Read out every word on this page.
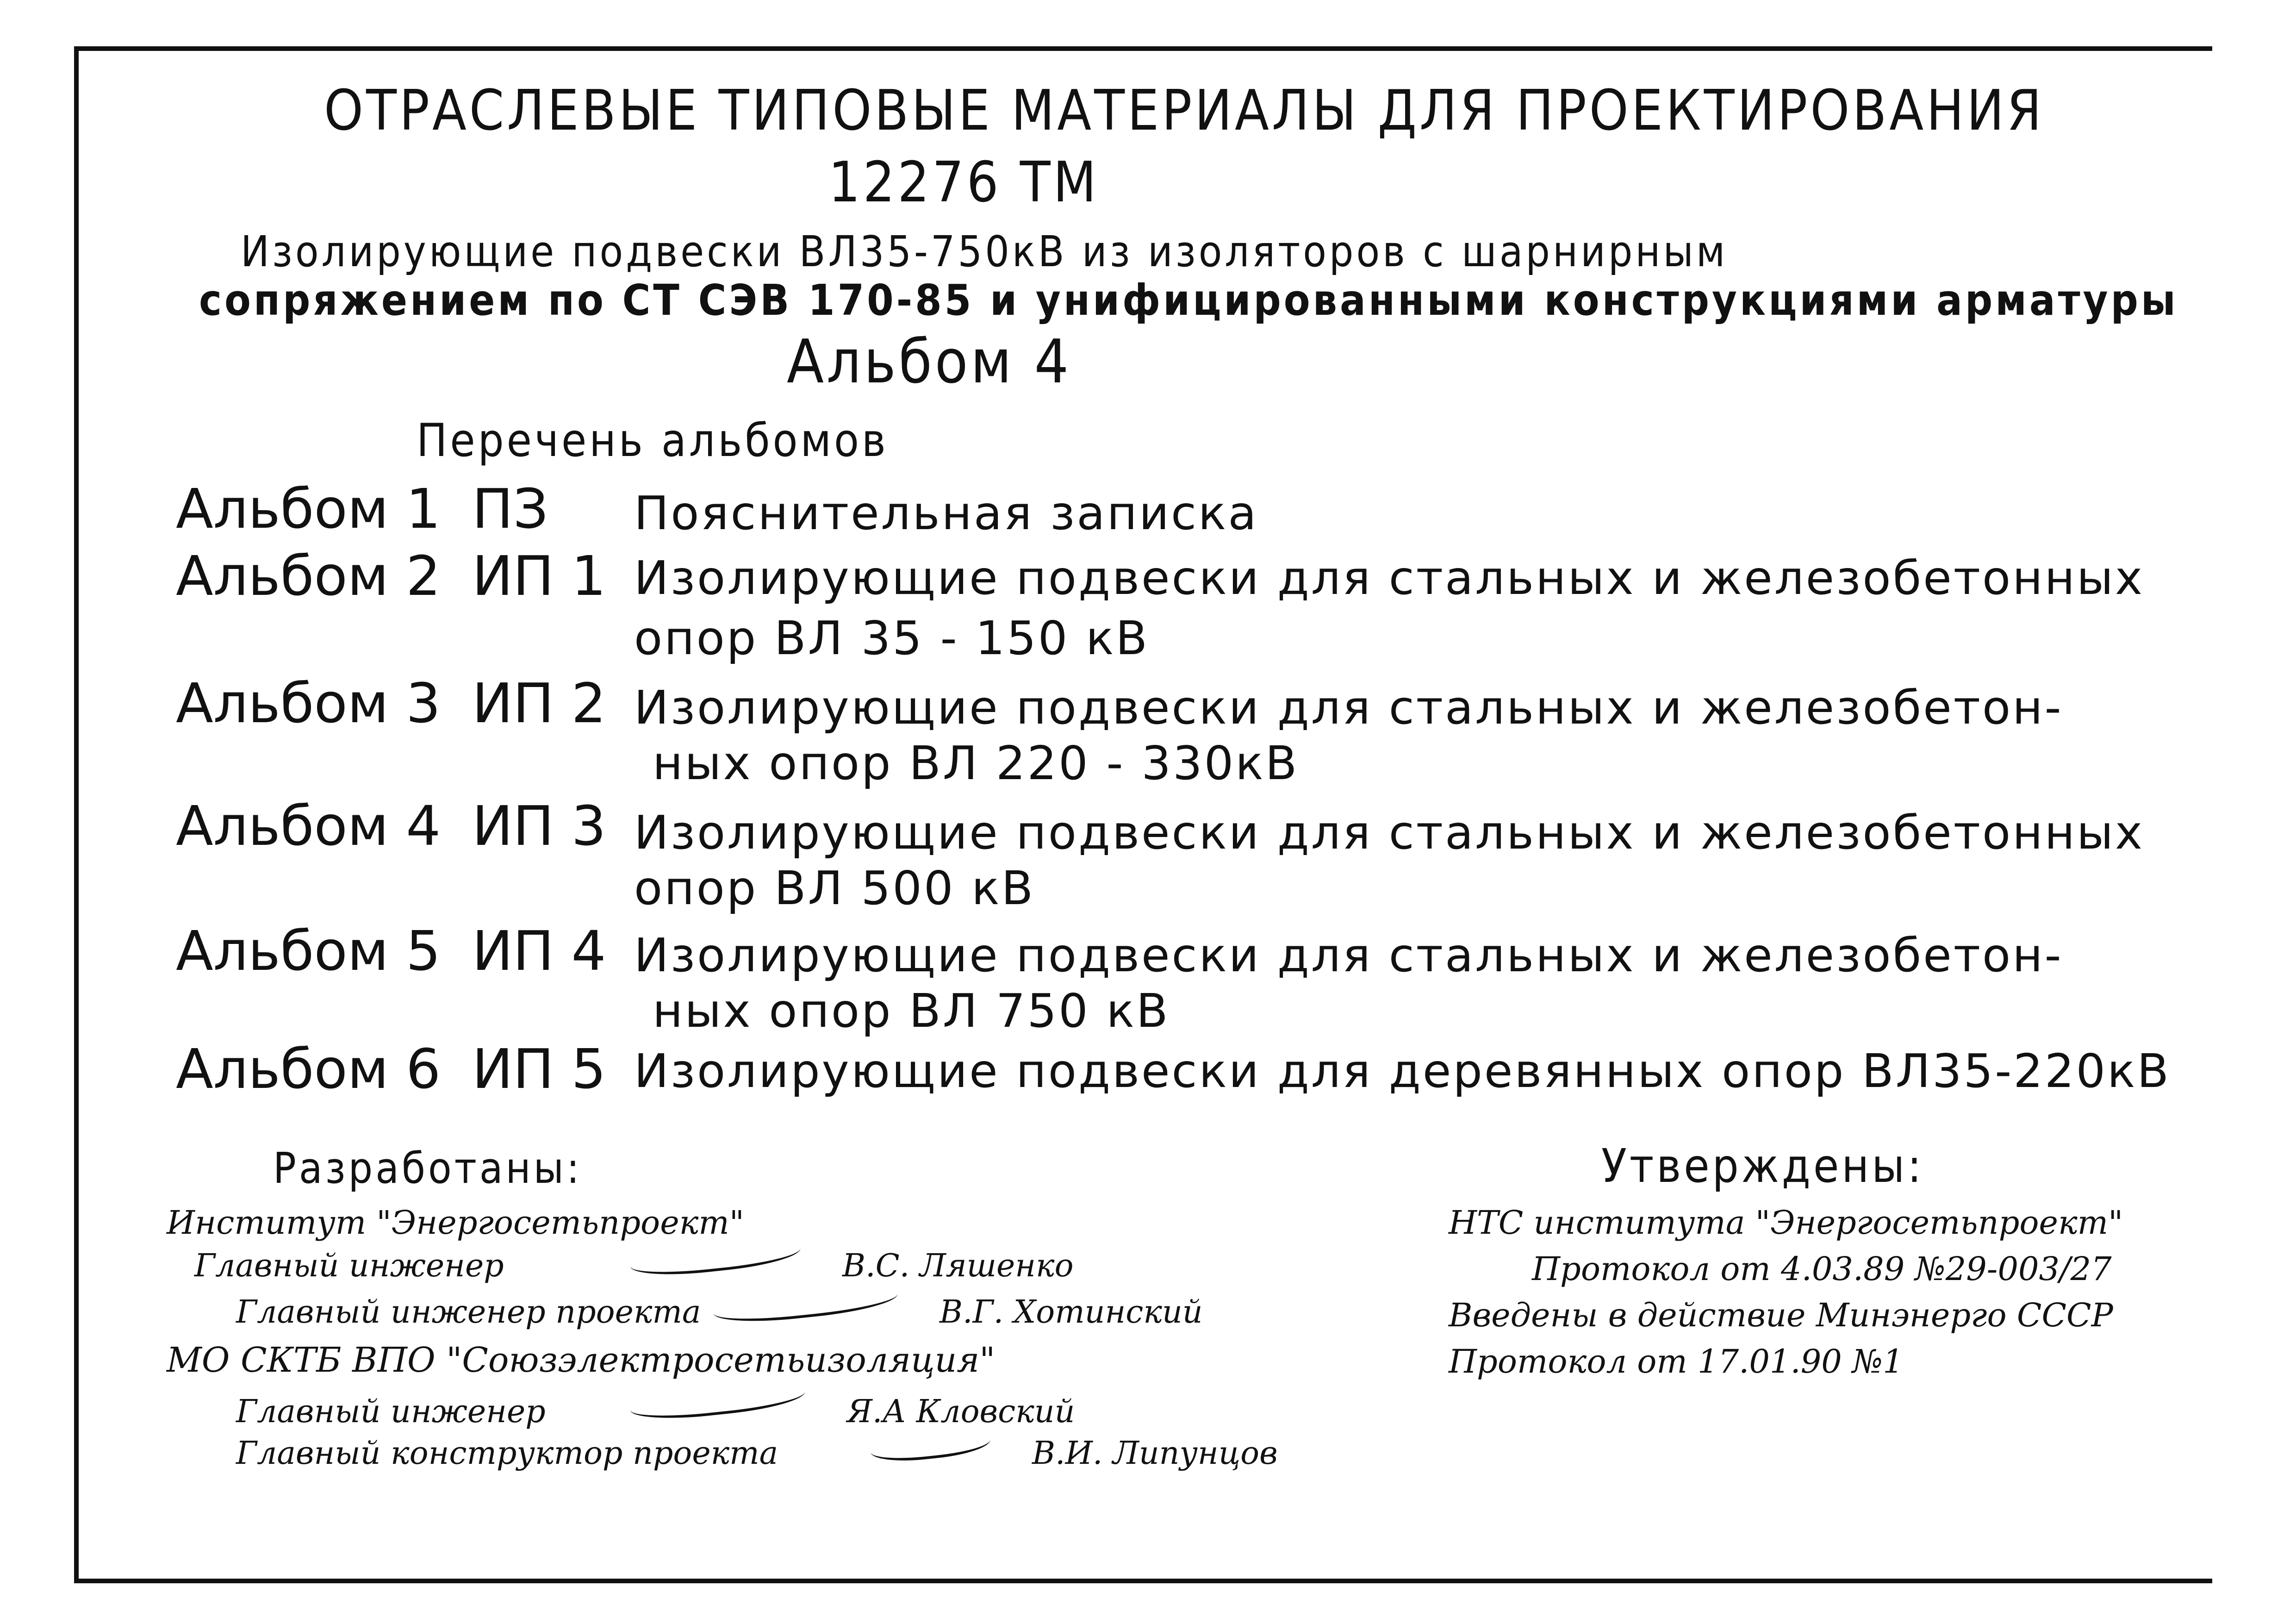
ОТРАСЛЕВЫЕ ТИПОВЫЕ МАТЕРИАЛЫ ДЛЯ ПРОЕКТИРОВАНИЯ
12276 ТМ
Изолирующие подвески ВЛ35-750кВ из изоляторов с шарнирным
сопряжением по СТ СЭВ 170-85 и унифицированными конструкциями арматуры
Альбом 4
Перечень альбомов
Альбом 1 ПЗ Пояснительная записка
Альбом 2 ИП 1 Изолирующие подвески для стальных и железобетонных
опор ВЛ 35 - 150 кВ
Альбом 3 ИП 2 Изолирующие подвески для стальных и железобетон-
ных опор ВЛ 220 - 330кВ
Альбом 4 ИП 3 Изолирующие подвески для стальных и железобетонных
опор ВЛ 500 кВ
Альбом 5 ИП 4 Изолирующие подвески для стальных и железобетон-
ных опор ВЛ 750 кВ
Альбом 6 ИП 5 Изолирующие подвески для деревянных опор ВЛ35-220кВ
Разработаны:
Институт "Энергосетьпроект"
Главный инженер	В.С. Ляшенко
Главный инженер проекта	В.Г. Хотинский
МО СКТБ ВПО "Союзэлектросетьизоляция"
Главный инженер	Я.А Кловский
Главный конструктор проекта	В.И. Липунцов
Утверждены:
НТС института "Энергосетьпроект"
Протокол от 4.03.89 №29-003/27
Введены в действие Минэнерго СССР
Протокол от 17.01.90 №1
